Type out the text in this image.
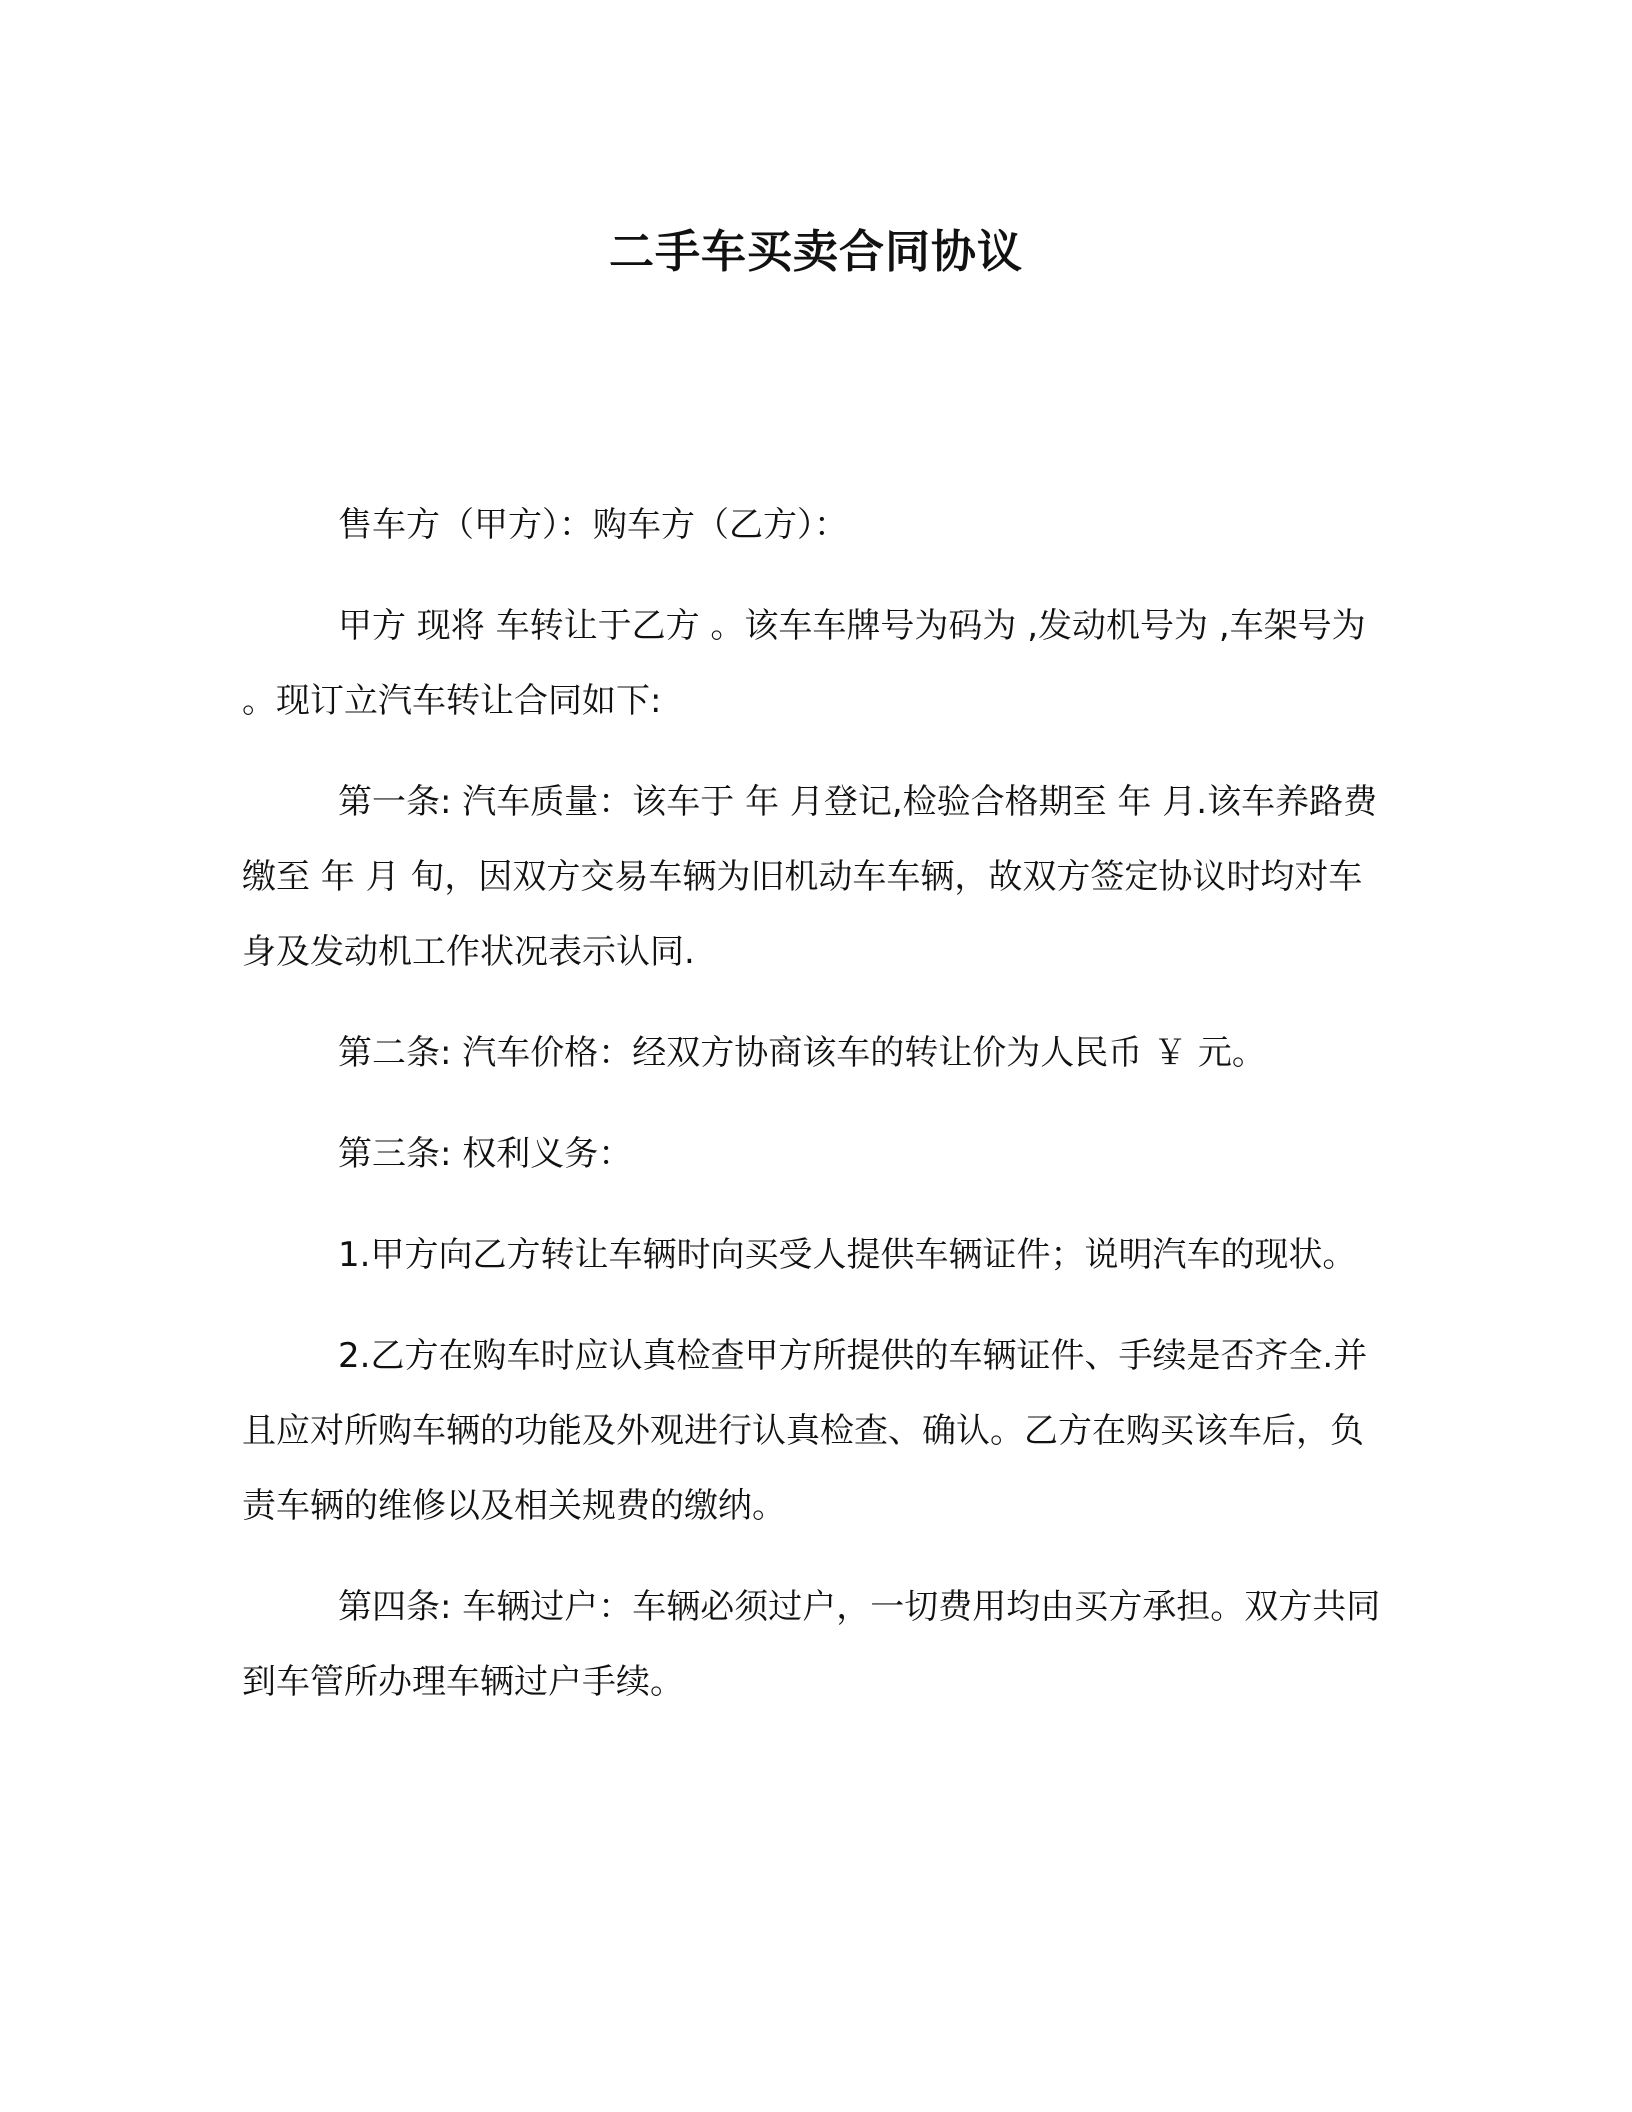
二手车买卖合同协议

售车方（甲方）：购车方（乙方）：

甲方 现将 车转让于乙方 。该车车牌号为码为 ,发动机号为 ,车架号为 。现订立汽车转让合同如下:

第一条: 汽车质量：该车于 年 月登记,检验合格期至 年 月.该车养路费缴至 年 月 旬，因双方交易车辆为旧机动车车辆，故双方签定协议时均对车身及发动机工作状况表示认同.

第二条: 汽车价格：经双方协商该车的转让价为人民币 ￥ 元。

第三条: 权利义务：

1.甲方向乙方转让车辆时向买受人提供车辆证件；说明汽车的现状。

2.乙方在购车时应认真检查甲方所提供的车辆证件、手续是否齐全.并且应对所购车辆的功能及外观进行认真检查、确认。乙方在购买该车后，负责车辆的维修以及相关规费的缴纳。

第四条: 车辆过户：车辆必须过户，一切费用均由买方承担。双方共同到车管所办理车辆过户手续。
